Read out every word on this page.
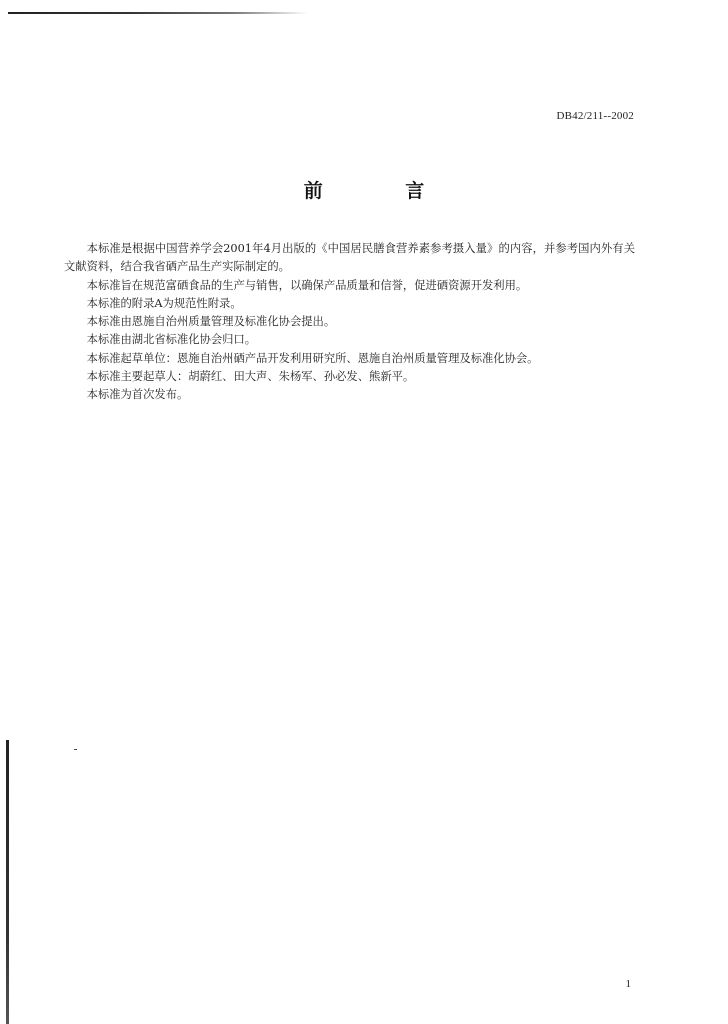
DB42/211--2002
前 言

本标准是根据中国营养学会2001年4月出版的《中国居民膳食营养素参考摄入量》的内容，并参考国内外有关文献资料，结合我省硒产品生产实际制定的。

本标准旨在规范富硒食品的生产与销售，以确保产品质量和信誉，促进硒资源开发利用。

本标准的附录A为规范性附录。

本标准由恩施自治州质量管理及标准化协会提出。

本标准由湖北省标准化协会归口。

本标准起草单位：恩施自治州硒产品开发利用研究所、恩施自治州质量管理及标准化协会。

本标准主要起草人：胡蔚红、田大声、朱杨军、孙必发、熊新平。

本标准为首次发布。

1
